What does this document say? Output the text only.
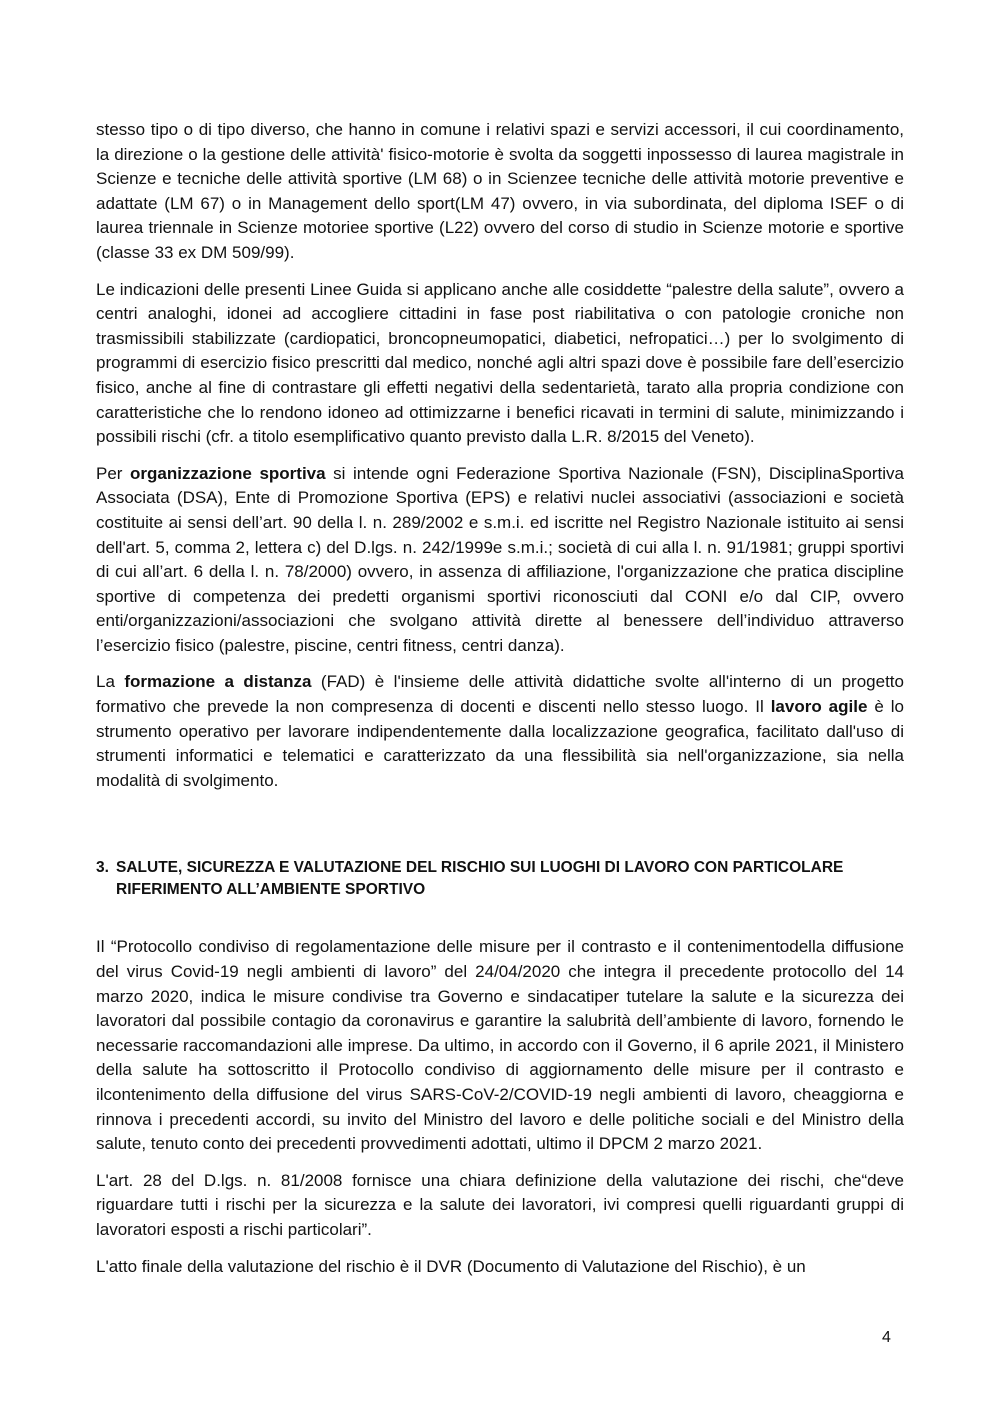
stesso tipo o di tipo diverso, che hanno in comune i relativi spazi e servizi accessori, il cui coordinamento, la direzione o la gestione delle attività' fisico-motorie è svolta da soggetti inpossesso di laurea magistrale in Scienze e tecniche delle attività sportive (LM 68) o in Scienzee tecniche delle attività motorie preventive e adattate (LM 67) o in Management dello sport(LM 47) ovvero, in via subordinata, del diploma ISEF o di laurea triennale in Scienze motoriee sportive (L22) ovvero del corso di studio in Scienze motorie e sportive (classe 33 ex DM 509/99).

Le indicazioni delle presenti Linee Guida si applicano anche alle cosiddette “palestre della salute”, ovvero a centri analoghi, idonei ad accogliere cittadini in fase post riabilitativa o con patologie croniche non trasmissibili stabilizzate (cardiopatici, broncopneumopatici, diabetici, nefropatici…) per lo svolgimento di programmi di esercizio fisico prescritti dal medico, nonché agli altri spazi dove è possibile fare dell’esercizio fisico, anche al fine di contrastare gli effetti negativi della sedentarietà, tarato alla propria condizione con caratteristiche che lo rendono idoneo ad ottimizzarne i benefici ricavati in termini di salute, minimizzando i possibili rischi (cfr. a titolo esemplificativo quanto previsto dalla L.R. 8/2015 del Veneto).

Per organizzazione sportiva si intende ogni Federazione Sportiva Nazionale (FSN), DisciplinaSportiva Associata (DSA), Ente di Promozione Sportiva (EPS) e relativi nuclei associativi (associazioni e società costituite ai sensi dell’art. 90 della l. n. 289/2002 e s.m.i. ed iscritte nel Registro Nazionale istituito ai sensi dell'art. 5, comma 2, lettera c) del D.lgs. n. 242/1999e s.m.i.; società di cui alla l. n. 91/1981; gruppi sportivi di cui all’art. 6 della l. n. 78/2000) ovvero, in assenza di affiliazione, l'organizzazione che pratica discipline sportive di competenza dei predetti organismi sportivi riconosciuti dal CONI e/o dal CIP, ovvero enti/organizzazioni/associazioni che svolgano attività dirette al benessere dell’individuo attraverso l’esercizio fisico (palestre, piscine, centri fitness, centri danza).

La formazione a distanza (FAD) è l'insieme delle attività didattiche svolte all'interno di un progetto formativo che prevede la non compresenza di docenti e discenti nello stesso luogo. Il lavoro agile è lo strumento operativo per lavorare indipendentemente dalla localizzazione geografica, facilitato dall'uso di strumenti informatici e telematici e caratterizzato da una flessibilità sia nell'organizzazione, sia nella modalità di svolgimento.

3. SALUTE, SICUREZZA E VALUTAZIONE DEL RISCHIO SUI LUOGHI DI LAVORO CON PARTICOLARE
RIFERIMENTO ALL’AMBIENTE SPORTIVO

Il “Protocollo condiviso di regolamentazione delle misure per il contrasto e il contenimentodella diffusione del virus Covid-19 negli ambienti di lavoro” del 24/04/2020 che integra il precedente protocollo del 14 marzo 2020, indica le misure condivise tra Governo e sindacatiper tutelare la salute e la sicurezza dei lavoratori dal possibile contagio da coronavirus e garantire la salubrità dell’ambiente di lavoro, fornendo le necessarie raccomandazioni alle imprese. Da ultimo, in accordo con il Governo, il 6 aprile 2021, il Ministero della salute ha sottoscritto il Protocollo condiviso di aggiornamento delle misure per il contrasto e ilcontenimento della diffusione del virus SARS-CoV-2/COVID-19 negli ambienti di lavoro, cheaggiorna e rinnova i precedenti accordi, su invito del Ministro del lavoro e delle politiche sociali e del Ministro della salute, tenuto conto dei precedenti provvedimenti adottati, ultimo il DPCM 2 marzo 2021.

L'art. 28 del D.lgs. n. 81/2008 fornisce una chiara definizione della valutazione dei rischi, che“deve riguardare tutti i rischi per la sicurezza e la salute dei lavoratori, ivi compresi quelli riguardanti gruppi di lavoratori esposti a rischi particolari”.

L'atto finale della valutazione del rischio è il DVR (Documento di Valutazione del Rischio), è un

4
